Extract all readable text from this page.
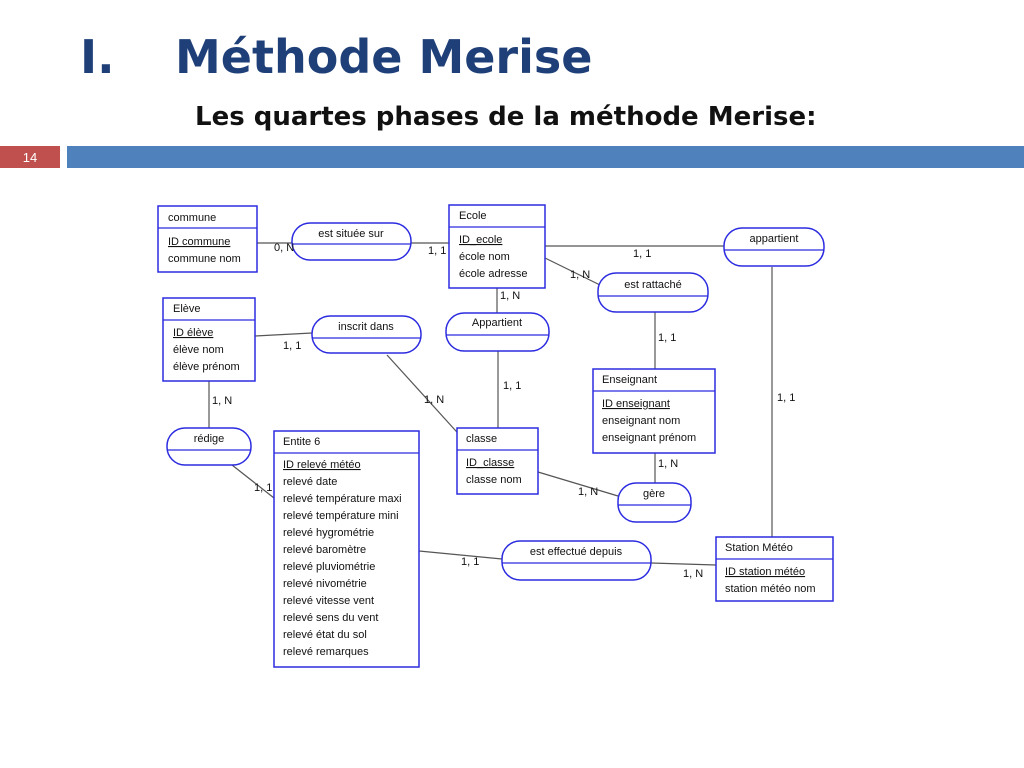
I. Méthode Merise
Les quartes phases de la méthode Merise:
14
commune
ID commune
commune nom
Ecole
ID_ecole
école nom
école adresse
Elève
ID élève
élève nom
élève prénom
Enseignant
ID enseignant
enseignant nom
enseignant prénom
classe
ID_classe
classe nom
Entite 6
ID relevé météo
relevé date
relevé température maxi
relevé température mini
relevé hygrométrie
relevé baromètre
relevé pluviométrie
relevé nivométrie
relevé vitesse vent
relevé sens du vent
relevé état du sol
relevé remarques
Station Météo
ID station météo
station météo nom
est située sur	appartient
est rattaché
inscrit dans	Appartient
rédige
gère
est effectué depuis
0, N	1, 1	1, 1
1, N
1, 1
1, N
1, 1
1, 1
1, N
1, N
1, 1	1, N
1, N
1, 1
1, 1
1, N
